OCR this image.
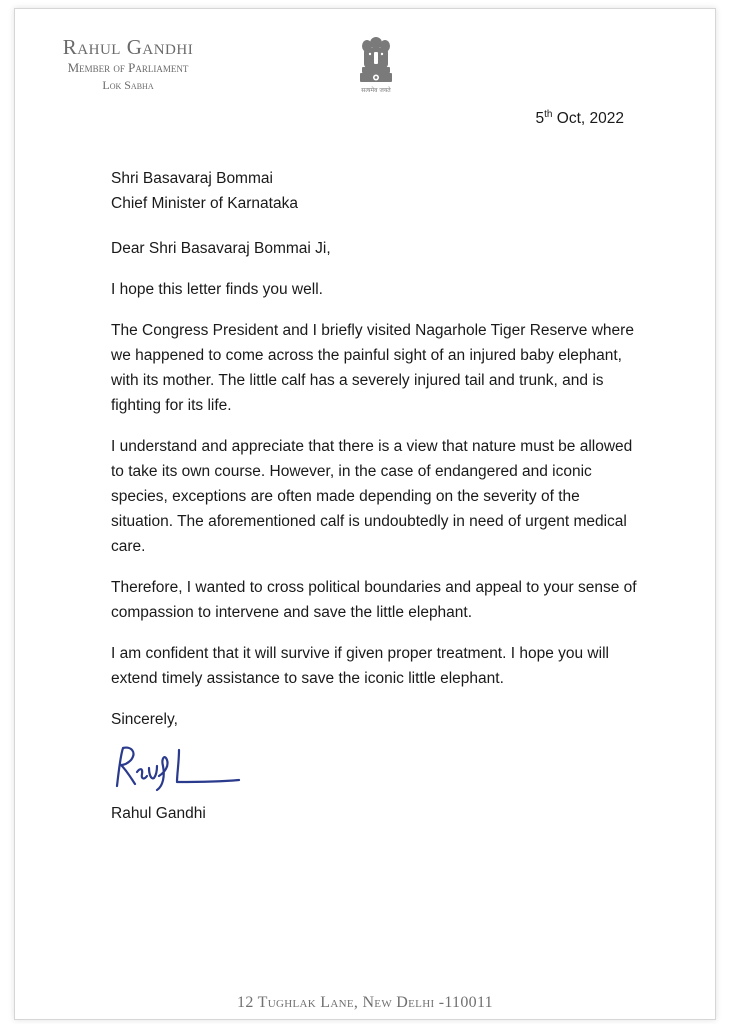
Rahul Gandhi
Member of Parliament
Lok Sabha	सत्यमेव जयते
5th Oct, 2022

Shri Basavaraj Bommai
Chief Minister of Karnataka

Dear Shri Basavaraj Bommai Ji,

I hope this letter finds you well.

The Congress President and I briefly visited Nagarhole Tiger Reserve where we happened to come across the painful sight of an injured baby elephant, with its mother. The little calf has a severely injured tail and trunk, and is fighting for its life.

I understand and appreciate that there is a view that nature must be allowed to take its own course. However, in the case of endangered and iconic species, exceptions are often made depending on the severity of the situation. The aforementioned calf is undoubtedly in need of urgent medical care.

Therefore, I wanted to cross political boundaries and appeal to your sense of compassion to intervene and save the little elephant.

I am confident that it will survive if given proper treatment. I hope you will extend timely assistance to save the iconic little elephant.

Sincerely,

Rahul Gandhi

12 Tughlak Lane, New Delhi -110011
